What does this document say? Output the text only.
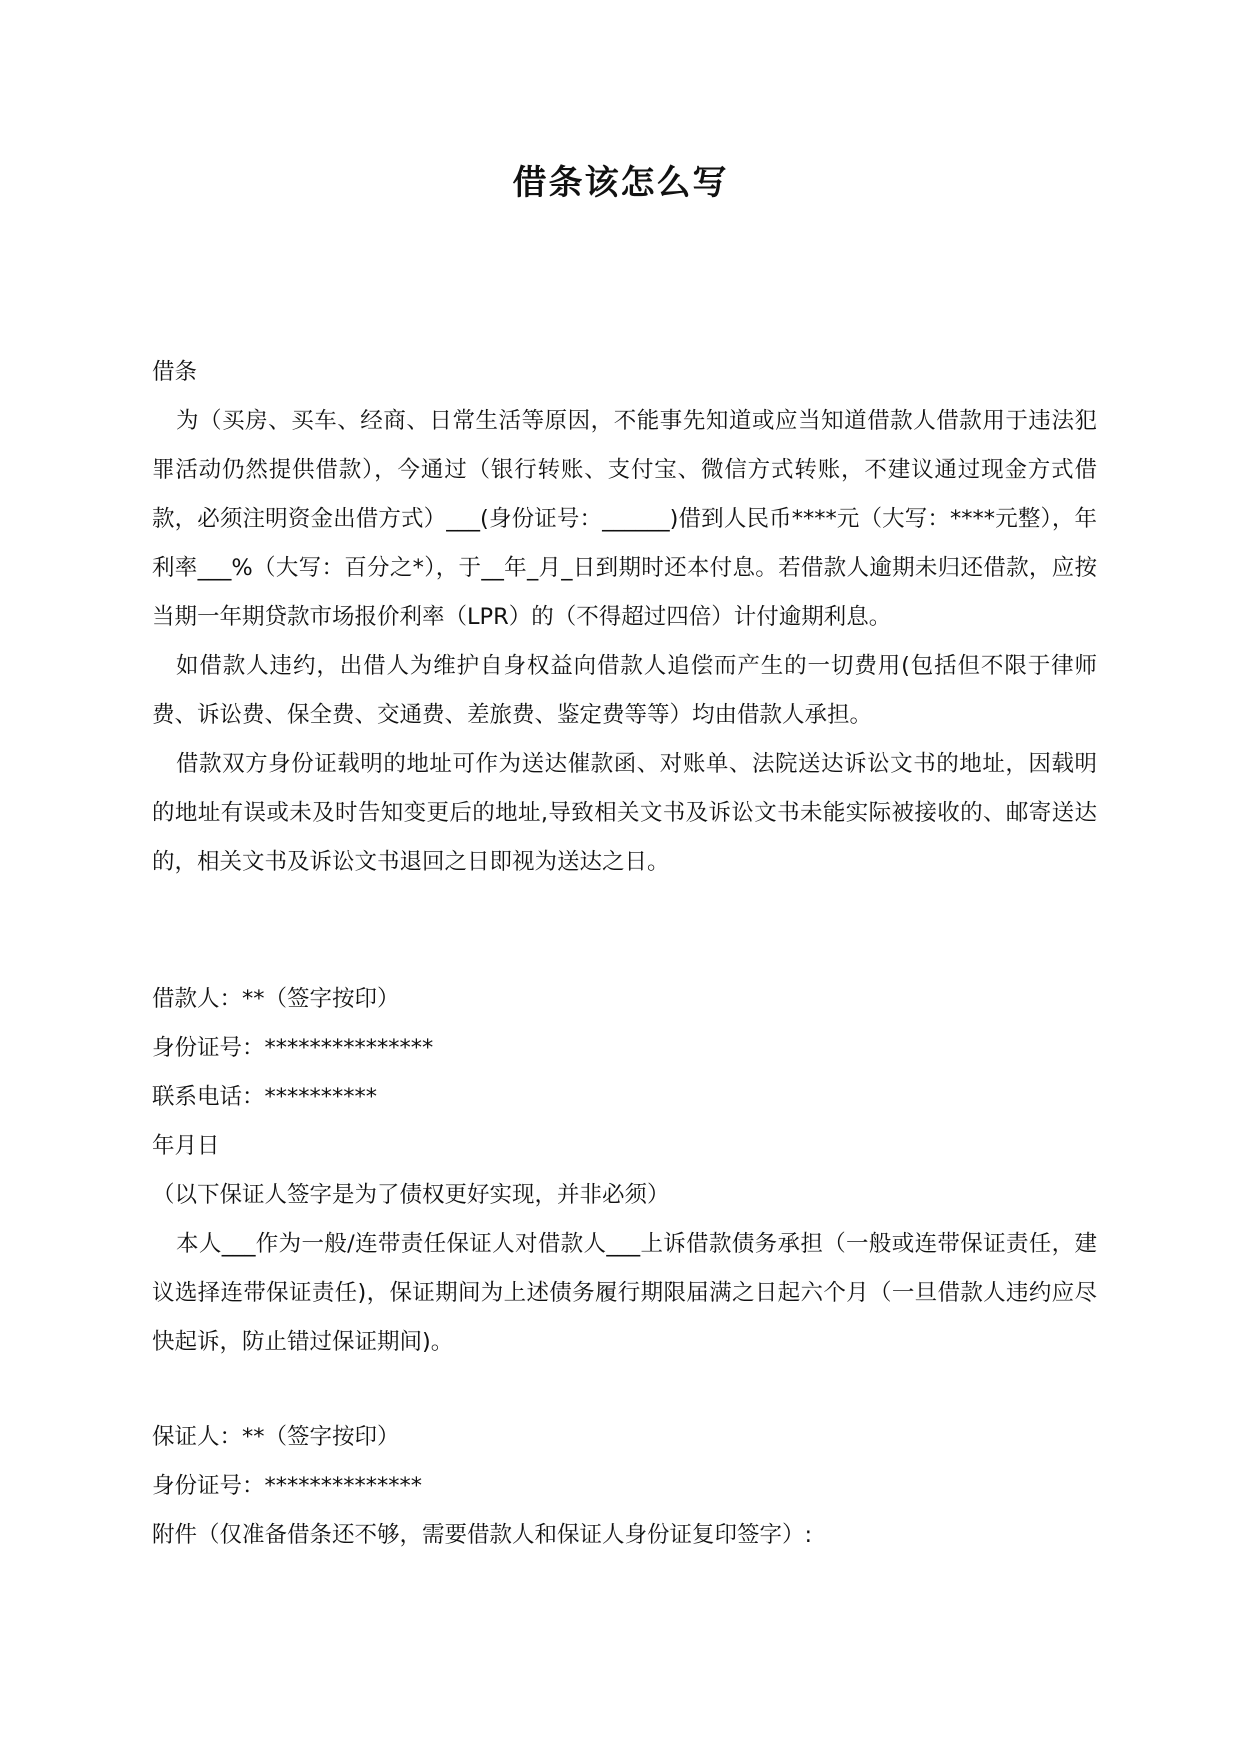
借条该怎么写

借条

为（买房、买车、经商、日常生活等原因，不能事先知道或应当知道借款人借款用于违法犯罪活动仍然提供借款），今通过（银行转账、支付宝、微信方式转账，不建议通过现金方式借款，必须注明资金出借方式）___(身份证号：______)借到人民币****元（大写：****元整），年利率___%（大写：百分之*），于__年_月_日到期时还本付息。若借款人逾期未归还借款，应按当期一年期贷款市场报价利率（LPR）的（不得超过四倍）计付逾期利息。

如借款人违约，出借人为维护自身权益向借款人追偿而产生的一切费用(包括但不限于律师费、诉讼费、保全费、交通费、差旅费、鉴定费等等）均由借款人承担。

借款双方身份证载明的地址可作为送达催款函、对账单、法院送达诉讼文书的地址，因载明的地址有误或未及时告知变更后的地址,导致相关文书及诉讼文书未能实际被接收的、邮寄送达的，相关文书及诉讼文书退回之日即视为送达之日。

借款人：**（签字按印）

身份证号：***************

联系电话：**********

年月日

（以下保证人签字是为了债权更好实现，并非必须）

本人___作为一般/连带责任保证人对借款人___上诉借款债务承担（一般或连带保证责任，建议选择连带保证责任)，保证期间为上述债务履行期限届满之日起六个月（一旦借款人违约应尽快起诉，防止错过保证期间)。

保证人：**（签字按印）

身份证号：**************

附件（仅准备借条还不够，需要借款人和保证人身份证复印签字）:
